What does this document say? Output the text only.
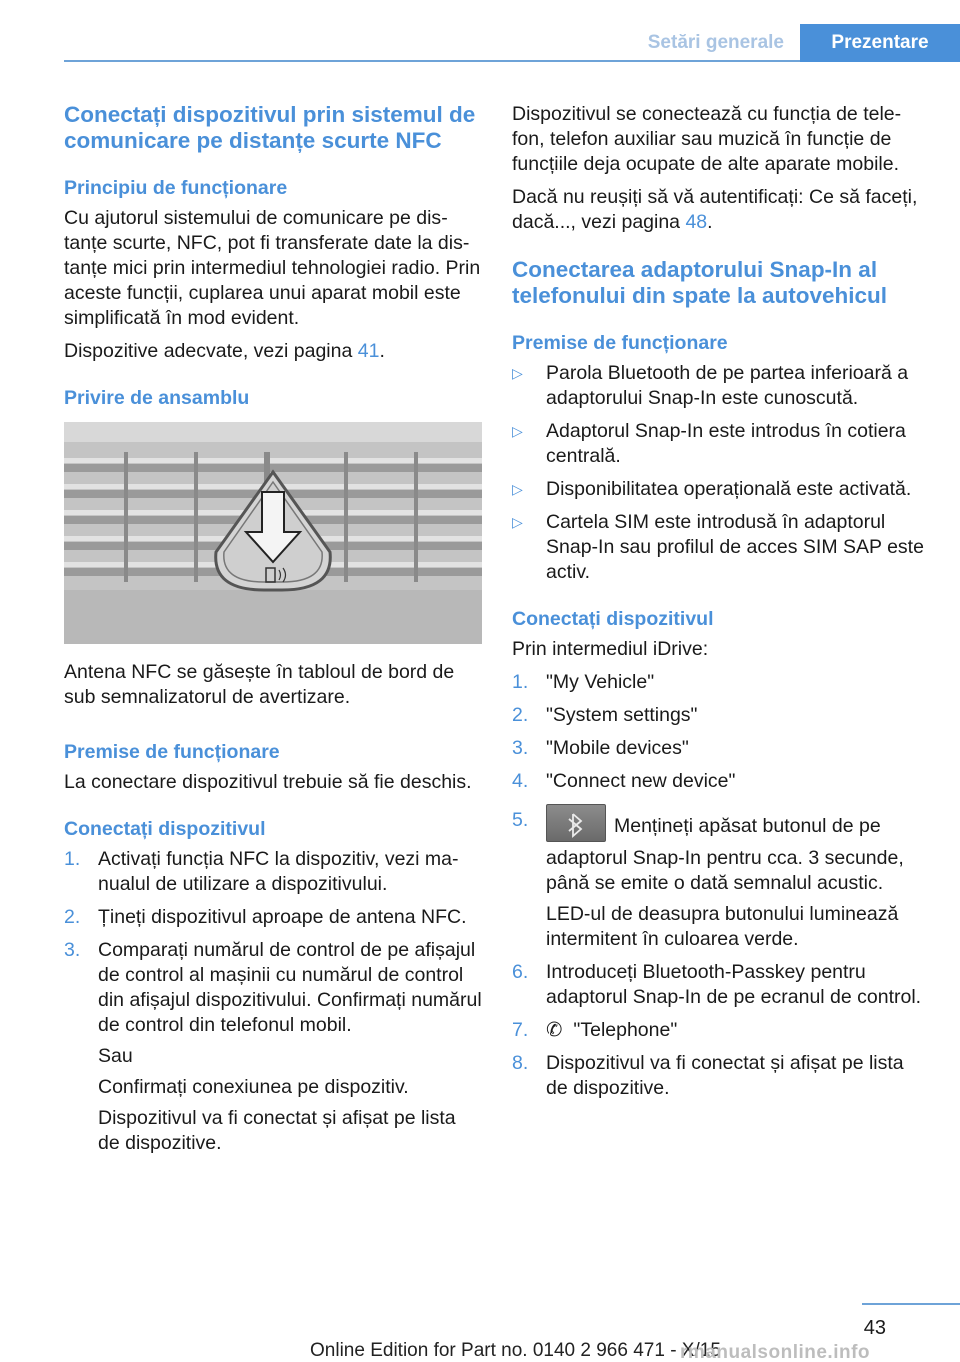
Setări generale	Prezentare
Conectați dispozitivul prin sistemul de comunicare pe distanțe scurte NFC
Principiu de funcționare

Cu ajutorul sistemului de comunicare pe distanțe scurte, NFC, pot fi transferate date la distanțe mici prin intermediul tehnologiei radio. Prin aceste funcții, cuplarea unui aparat mobil este simplificată în mod evident.

Dispozitive adecvate, vezi pagina 41.

Privire de ansamblu

Antena NFC se găsește în tabloul de bord de sub semnalizatorul de avertizare.

Premise de funcționare

La conectare dispozitivul trebuie să fie deschis.

Conectați dispozitivul
1. Activați funcția NFC la dispozitiv, vezi manualul de utilizare a dispozitivului.
2. Țineți dispozitivul aproape de antena NFC.
3. Comparați numărul de control de pe afișajul de control al mașinii cu numărul de control din afișajul dispozitivului. Confirmați numărul de control din telefonul mobil.
Sau
Confirmați conexiunea pe dispozitiv.
Dispozitivul va fi conectat și afișat pe lista de dispozitive.

Dispozitivul se conectează cu funcția de telefon, telefon auxiliar sau muzică în funcție de funcțiile deja ocupate de alte aparate mobile.

Dacă nu reușiți să vă autentificați: Ce să faceți, dacă..., vezi pagina 48.

Conectarea adaptorului Snap-In al telefonului din spate la autovehicul
Premise de funcționare
▷ Parola Bluetooth de pe partea inferioară a adaptorului Snap-In este cunoscută.
▷ Adaptorul Snap-In este introdus în cotiera centrală.
▷ Disponibilitatea operațională este activată.
▷ Cartela SIM este introdusă în adaptorul Snap-In sau profilul de acces SIM SAP este activ.
Conectați dispozitivul

Prin intermediul iDrive:

1. "My Vehicle"
2. "System settings"
3. "Mobile devices"
4. "Connect new device"
5.	Mențineți apăsat butonul de pe adaptorul Snap-In pentru cca. 3 secunde, până se emite o dată semnalul acustic.
LED-ul de deasupra butonului luminează intermitent în culoarea verde.
6. Introduceți Bluetooth-Passkey pentru adaptorul Snap-In de pe ecranul de control.
7. ✆ "Telephone"
8. Dispozitivul va fi conectat și afișat pe lista de dispozitive.
43
Online Edition for Part no. 0140 2 966 471 - X/15
rmanualsonline.info
